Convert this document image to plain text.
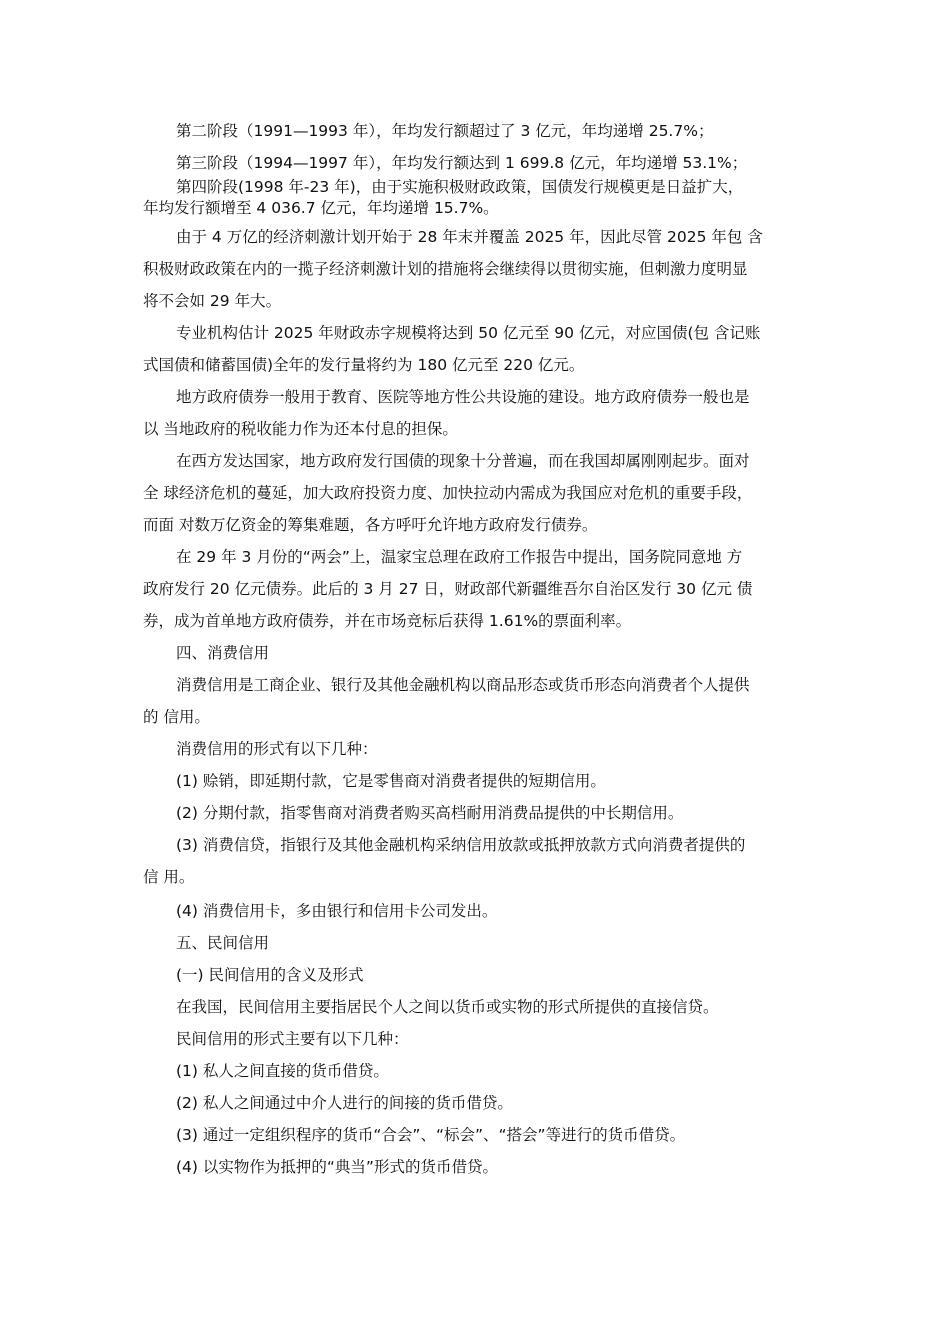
第二阶段（1991—1993 年），年均发行额超过了 3 亿元，年均递增 25.7%；

第三阶段（1994—1997 年），年均发行额达到 1 699.8 亿元，年均递增 53.1%；

第四阶段(1998 年-23 年)，由于实施积极财政政策，国债发行规模更是日益扩大，

年均发行额增至 4 036.7 亿元，年均递增 15.7%。

由于 4 万亿的经济刺激计划开始于 28 年末并覆盖 2025 年，因此尽管 2025 年包 含

积极财政政策在内的一揽子经济刺激计划的措施将会继续得以贯彻实施，但刺激力度明显

将不会如 29 年大。

专业机构估计 2025 年财政赤字规模将达到 50 亿元至 90 亿元，对应国债(包 含记账

式国债和储蓄国债)全年的发行量将约为 180 亿元至 220 亿元。

地方政府债券一般用于教育、医院等地方性公共设施的建设。地方政府债券一般也是

以 当地政府的税收能力作为还本付息的担保。

在西方发达国家，地方政府发行国债的现象十分普遍，而在我国却属刚刚起步。面对

全 球经济危机的蔓延，加大政府投资力度、加快拉动内需成为我国应对危机的重要手段，

而面 对数万亿资金的筹集难题，各方呼吁允许地方政府发行债券。

在 29 年 3 月份的“两会”上，温家宝总理在政府工作报告中提出，国务院同意地 方

政府发行 20 亿元债券。此后的 3 月 27 日，财政部代新疆维吾尔自治区发行 30 亿元 债

券，成为首单地方政府债券，并在市场竞标后获得 1.61%的票面利率。

四、消费信用

消费信用是工商企业、银行及其他金融机构以商品形态或货币形态向消费者个人提供

的 信用。

消费信用的形式有以下几种：

(1) 赊销，即延期付款，它是零售商对消费者提供的短期信用。

(2) 分期付款，指零售商对消费者购买高档耐用消费品提供的中长期信用。

(3) 消费信贷，指银行及其他金融机构采纳信用放款或抵押放款方式向消费者提供的

信 用。

(4) 消费信用卡，多由银行和信用卡公司发出。

五、民间信用

(一) 民间信用的含义及形式

在我国，民间信用主要指居民个人之间以货币或实物的形式所提供的直接信贷。

民间信用的形式主要有以下几种：

(1) 私人之间直接的货币借贷。

(2) 私人之间通过中介人进行的间接的货币借贷。

(3) 通过一定组织程序的货币“合会”、“标会”、“搭会”等进行的货币借贷。

(4) 以实物作为抵押的“典当”形式的货币借贷。
